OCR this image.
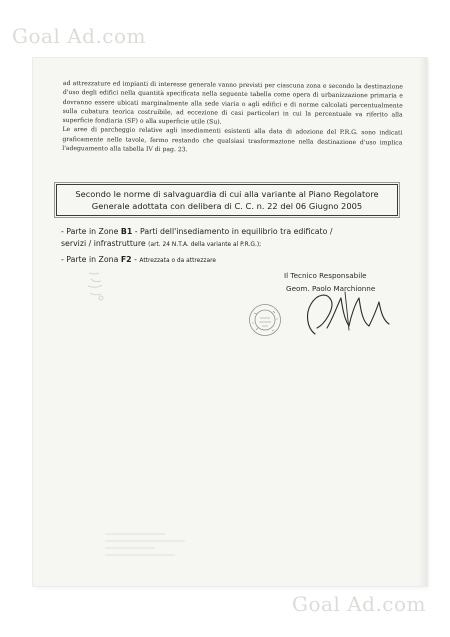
Goal Ad.com
ad attrezzature ed impianti di interesse generale vanno previsti per ciascuna zona e secondo la destinazione d'uso degli edifici nella quantità specificata nella seguente tabella come opera di urbanizzazione primaria e dovranno essere ubicati marginalmente alla sede viaria o agli edifici e di norme calcolati percentualmente sulla cubatura teorica costruibile, ad eccezione di casi particolari in cui la percentuale va riferito alla superficie fondiaria (SF) o alla superficie utile (Su).
Le aree di parcheggio relative agli insediamenti esistenti alla data di adozione del P.R.G. sono indicati graficamente nelle tavole, fermo restando che qualsiasi trasformazione nella destinazione d'uso implica l'adeguamento alla tabella IV di pag. 23.
Secondo le norme di salvaguardia di cui alla variante al Piano Regolatore
Generale adottata con delibera di C. C. n. 22 del 06 Giugno 2005
- Parte in Zone B1 - Parti dell'insediamento in equilibrio tra edificato /
servizi / infrastrutture (art. 24 N.T.A. della variante al P.R.G.);
- Parte in Zona F2 - Attrezzata o da attrezzare
Il Tecnico Responsabile
Geom. Paolo Marchionne
Goal Ad.com
